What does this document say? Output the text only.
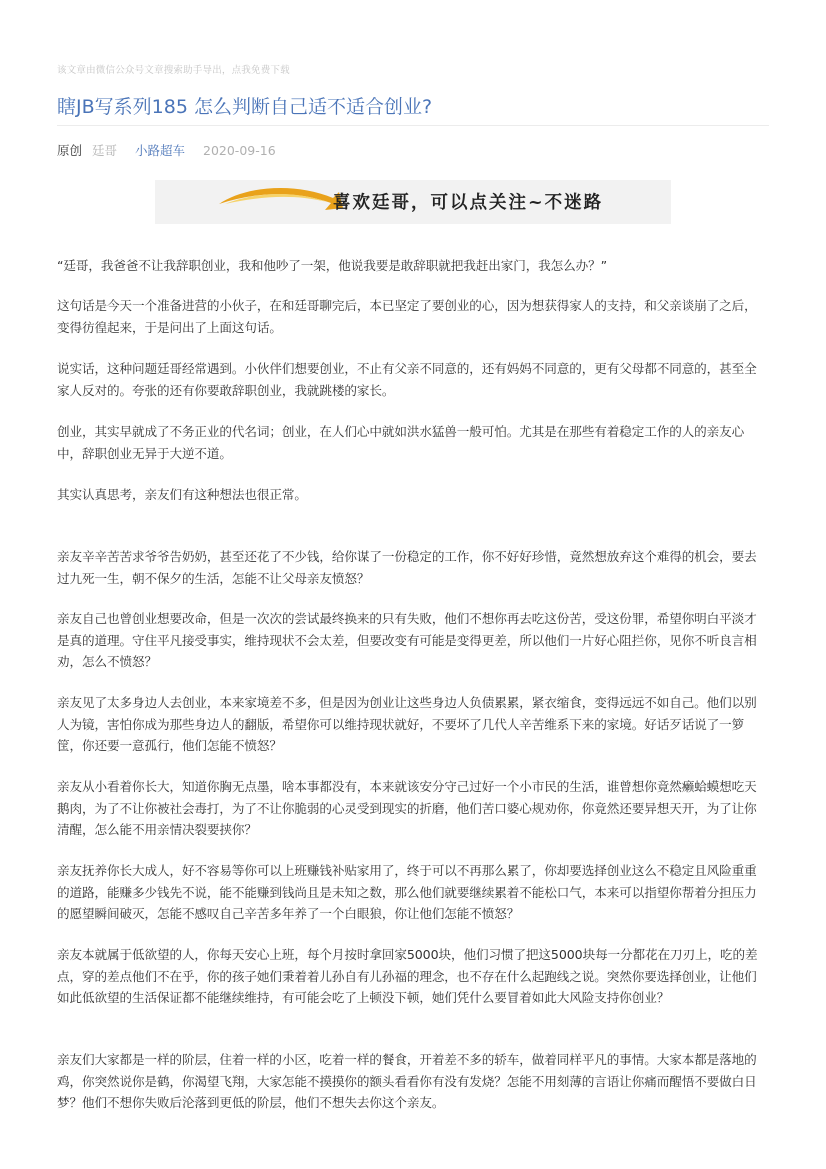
该文章由微信公众号文章搜索助手导出，点我免费下载
瞎JB写系列185 怎么判断自己适不适合创业?
原创 廷哥 小路超车 2020-09-16
喜欢廷哥，可以点关注~不迷路

“廷哥，我爸爸不让我辞职创业，我和他吵了一架，他说我要是敢辞职就把我赶出家门，我怎么办？”

这句话是今天一个准备进营的小伙子，在和廷哥聊完后，本已坚定了要创业的心，因为想获得家人的支持，和父亲谈崩了之后，变得彷徨起来，于是问出了上面这句话。

说实话，这种问题廷哥经常遇到。小伙伴们想要创业，不止有父亲不同意的，还有妈妈不同意的，更有父母都不同意的，甚至全家人反对的。夸张的还有你要敢辞职创业，我就跳楼的家长。

创业，其实早就成了不务正业的代名词；创业，在人们心中就如洪水猛兽一般可怕。尤其是在那些有着稳定工作的人的亲友心中，辞职创业无异于大逆不道。

其实认真思考，亲友们有这种想法也很正常。

亲友辛辛苦苦求爷爷告奶奶，甚至还花了不少钱，给你谋了一份稳定的工作，你不好好珍惜，竟然想放弃这个难得的机会，要去过九死一生，朝不保夕的生活，怎能不让父母亲友愤怒？

亲友自己也曾创业想要改命，但是一次次的尝试最终换来的只有失败，他们不想你再去吃这份苦，受这份罪，希望你明白平淡才是真的道理。守住平凡接受事实，维持现状不会太差，但要改变有可能是变得更差，所以他们一片好心阻拦你，见你不听良言相劝，怎么不愤怒？

亲友见了太多身边人去创业，本来家境差不多，但是因为创业让这些身边人负债累累，紧衣缩食，变得远远不如自己。他们以别人为镜，害怕你成为那些身边人的翻版，希望你可以维持现状就好，不要坏了几代人辛苦维系下来的家境。好话歹话说了一箩筐，你还要一意孤行，他们怎能不愤怒？

亲友从小看着你长大，知道你胸无点墨，啥本事都没有，本来就该安分守己过好一个小市民的生活，谁曾想你竟然癞蛤蟆想吃天鹅肉，为了不让你被社会毒打，为了不让你脆弱的心灵受到现实的折磨，他们苦口婆心规劝你，你竟然还要异想天开，为了让你清醒，怎么能不用亲情决裂要挟你？

亲友抚养你长大成人，好不容易等你可以上班赚钱补贴家用了，终于可以不再那么累了，你却要选择创业这么不稳定且风险重重的道路，能赚多少钱先不说，能不能赚到钱尚且是未知之数，那么他们就要继续累着不能松口气，本来可以指望你帮着分担压力的愿望瞬间破灭，怎能不感叹自己辛苦多年养了一个白眼狼，你让他们怎能不愤怒？

亲友本就属于低欲望的人，你每天安心上班，每个月按时拿回家5000块，他们习惯了把这5000块每一分都花在刀刃上，吃的差点，穿的差点他们不在乎，你的孩子她们秉着着儿孙自有儿孙福的理念，也不存在什么起跑线之说。突然你要选择创业，让他们如此低欲望的生活保证都不能继续维持，有可能会吃了上顿没下顿，她们凭什么要冒着如此大风险支持你创业？

亲友们大家都是一样的阶层，住着一样的小区，吃着一样的餐食，开着差不多的轿车，做着同样平凡的事情。大家本都是落地的鸡，你突然说你是鹤，你渴望飞翔，大家怎能不摸摸你的额头看看你有没有发烧？怎能不用刻薄的言语让你痛而醒悟不要做白日梦？他们不想你失败后沦落到更低的阶层，他们不想失去你这个亲友。
